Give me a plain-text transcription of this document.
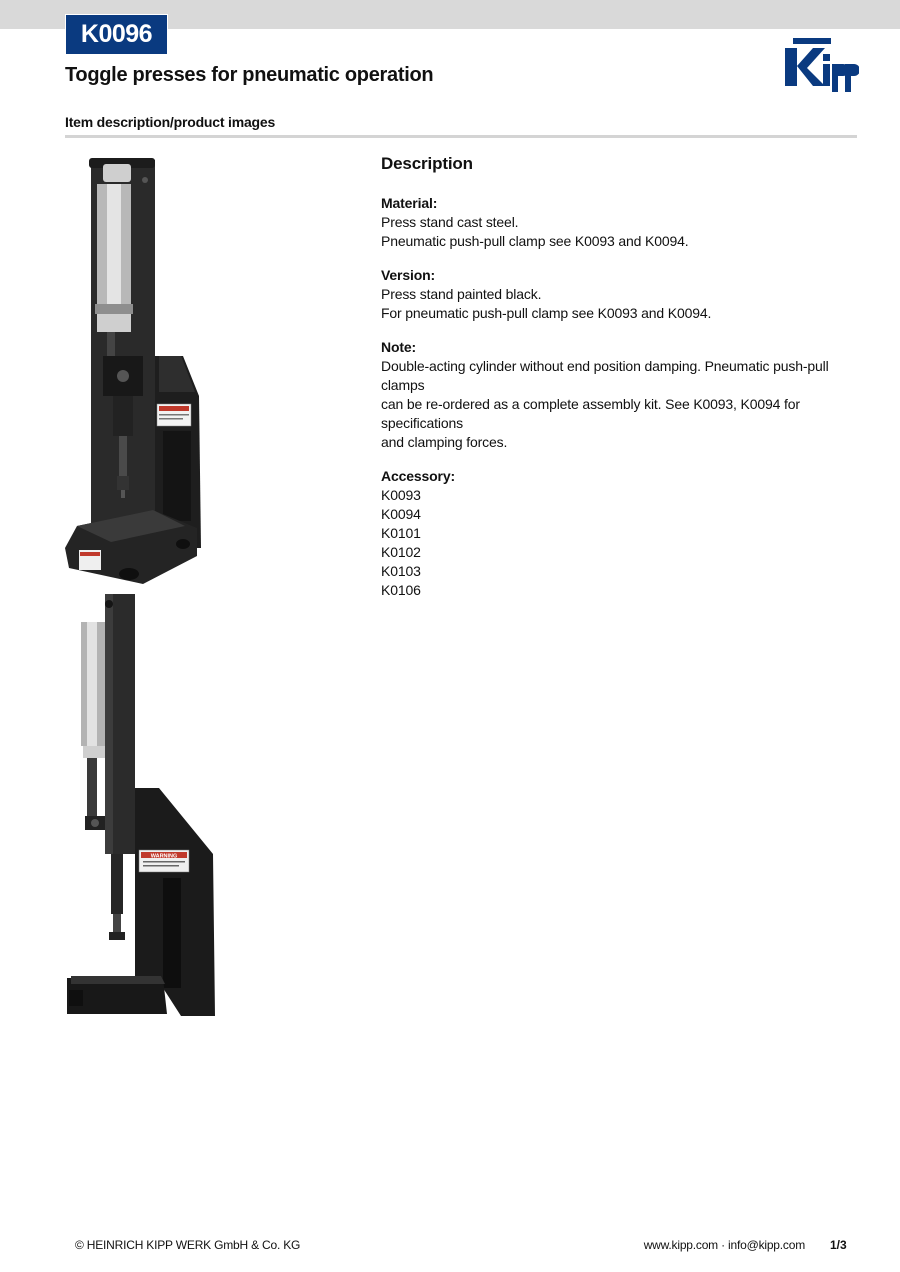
K0096
Toggle presses for pneumatic operation
Item description/product images
WARNING
Description
Material:
Press stand cast steel.
Pneumatic push-pull clamp see K0093 and K0094.
Version:
Press stand painted black.
For pneumatic push-pull clamp see K0093 and K0094.
Note:
Double-acting cylinder without end position damping. Pneumatic push-pull clamps
can be re-ordered as a complete assembly kit. See K0093, K0094 for specifications
and clamping forces.
Accessory:
K0093
K0094
K0101
K0102
K0103
K0106
© HEINRICH KIPP WERK GmbH & Co. KG	www.kipp.com · info@kipp.com 1/3
